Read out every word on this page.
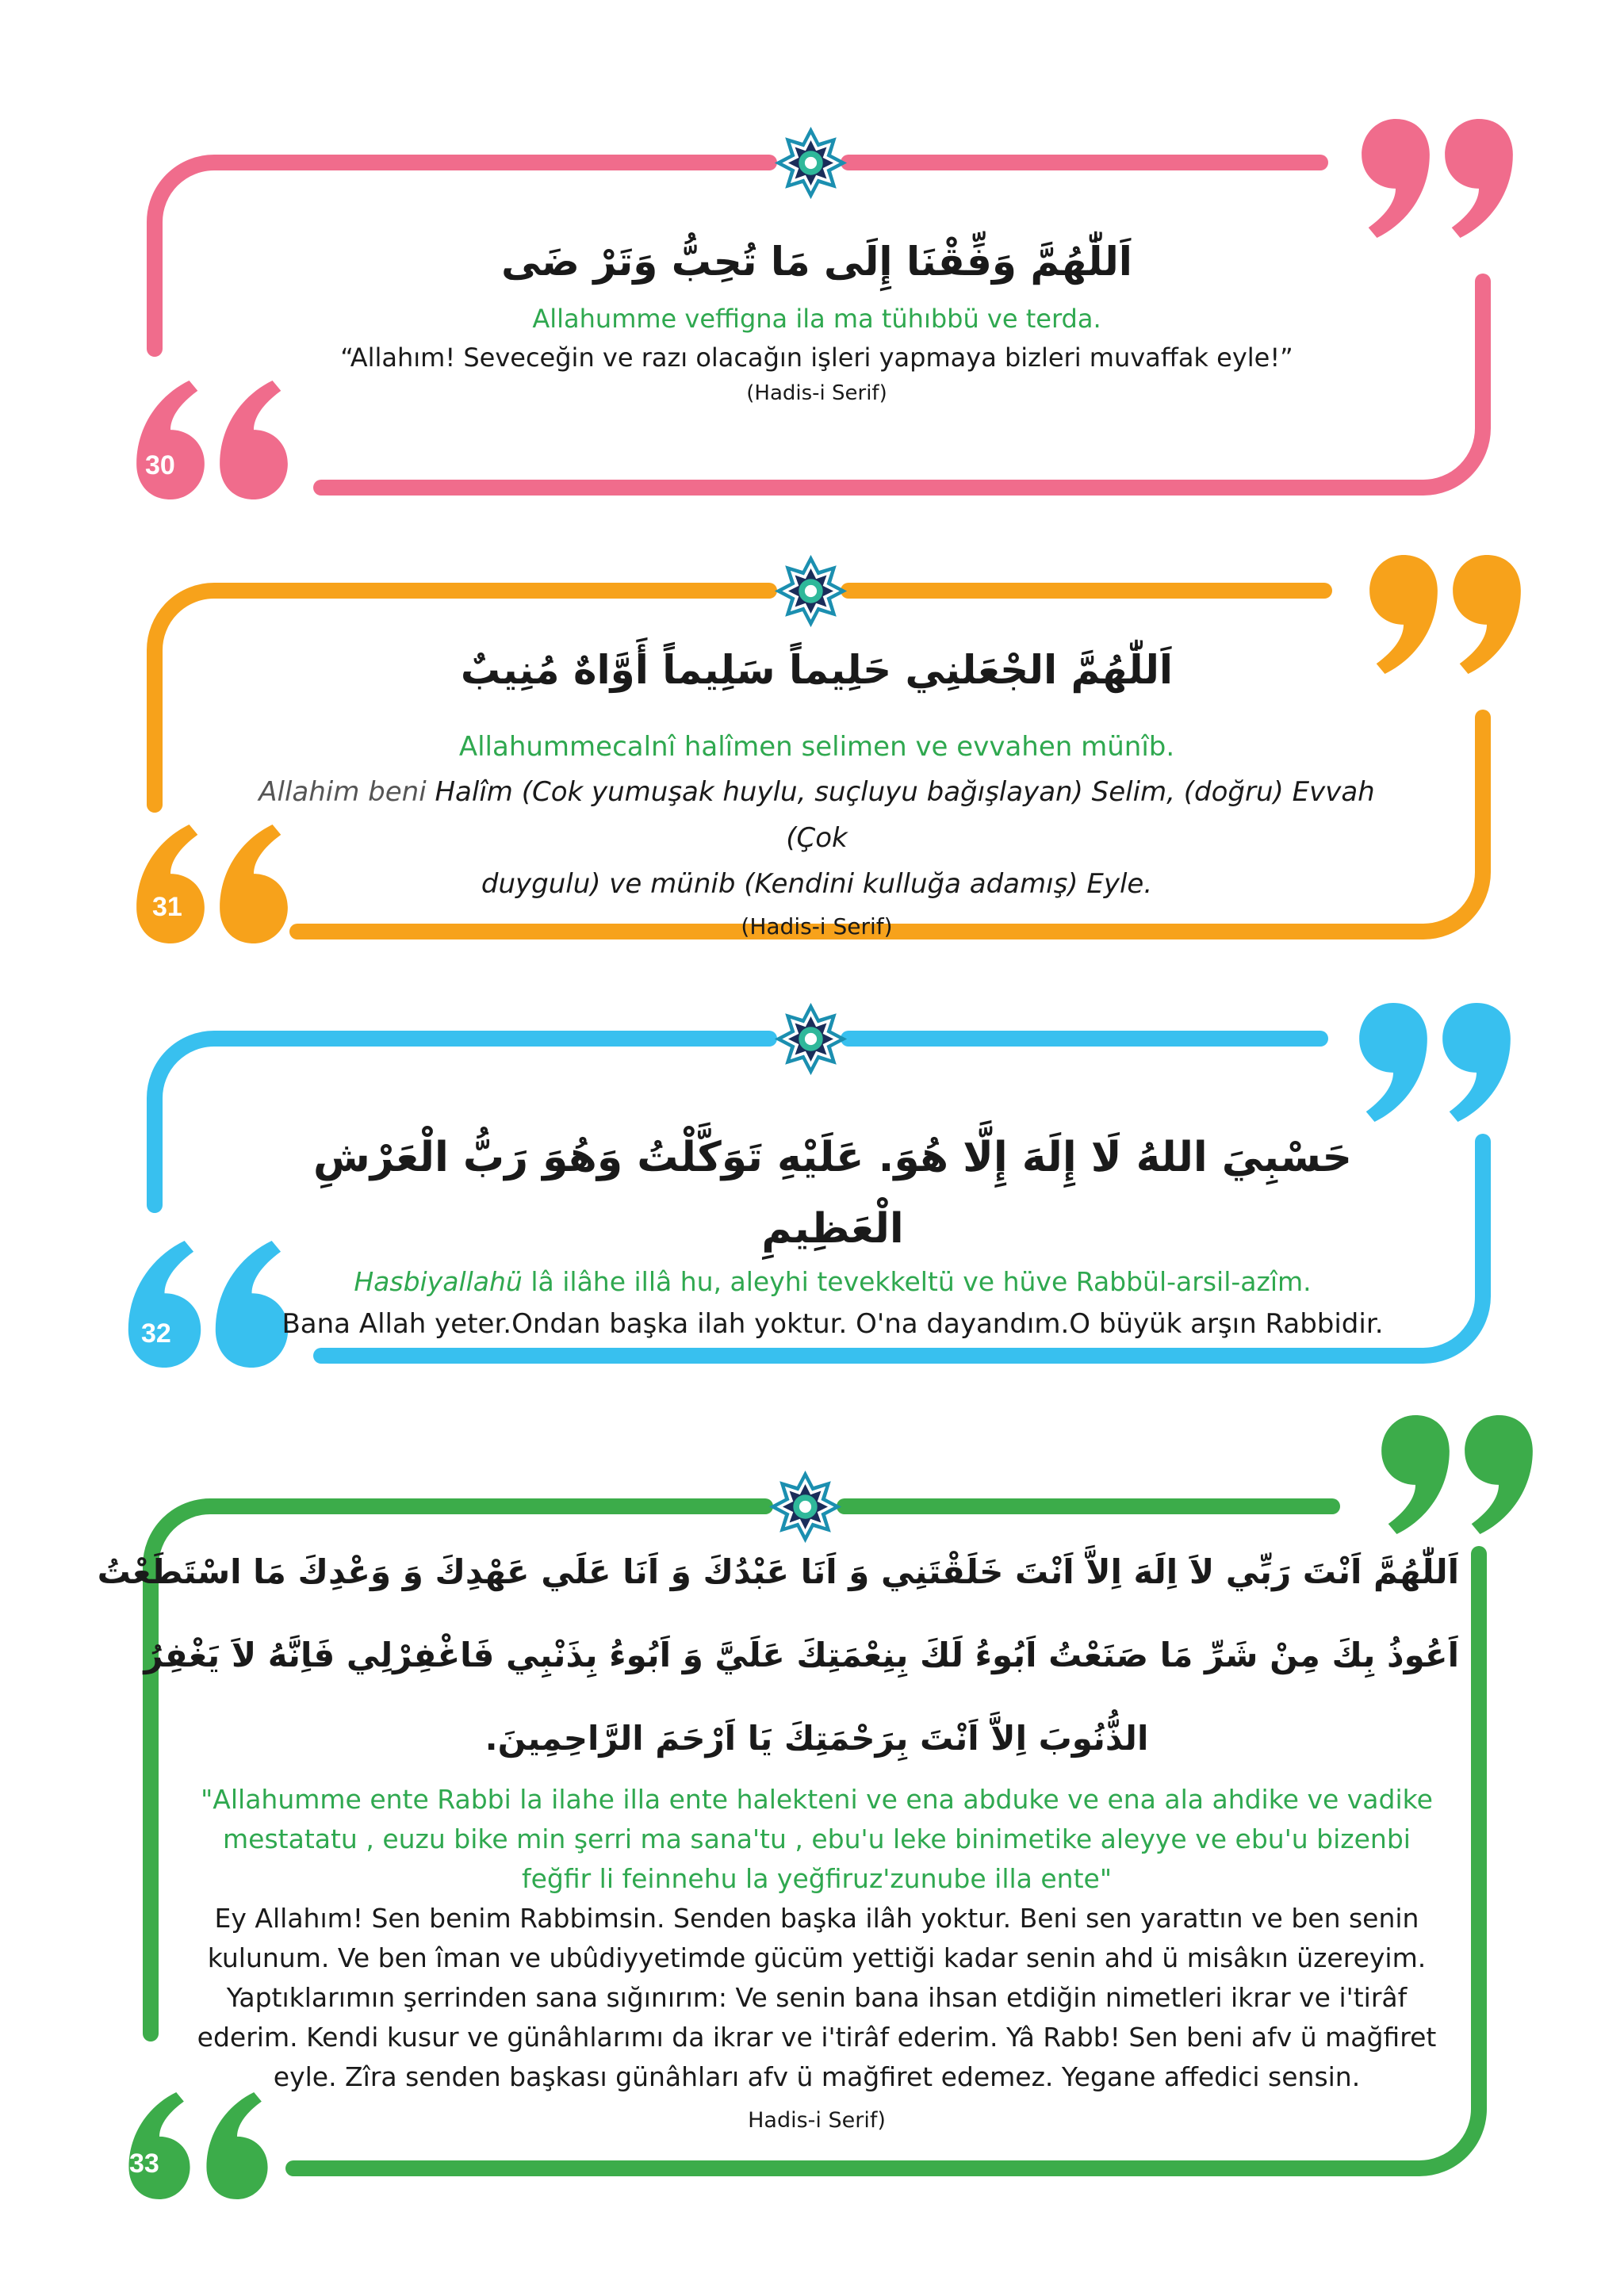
30
اَللّٰهُمَّ وَفِّقْنَا إِلَى مَا تُحِبُّ وَتَرْ ضَى
Allahumme veffigna ila ma tühıbbü ve terda.
“Allahım! Seveceğin ve razı olacağın işleri yapmaya bizleri muvaffak eyle!”
(Hadis-i Serif)
31
اَللّٰهُمَّ الجْعَلنِي حَلِيماً سَلِيماً أَوَّاهٌ مُنِيبٌ
Allahummecalnî halîmen selimen ve evvahen münîb.
Allahim beni Halîm (Cok yumuşak huylu, suçluyu bağışlayan) Selim, (doğru) Evvah (Çok
duygulu) ve münib (Kendini kulluğa adamış) Eyle.
(Hadis-i Serif)
32
حَسْبِيَ اللهُ لَا إِلَهَ إِلَّا هُوَ. عَلَيْهِ تَوَكَّلْتُ وَهُوَ رَبُّ الْعَرْشِ الْعَظِيمِ
Hasbiyallahü lâ ilâhe illâ hu, aleyhi tevekkeltü ve hüve Rabbül-arsil-azîm.
Bana Allah yeter.Ondan başka ilah yoktur. O'na dayandım.O büyük arşın Rabbidir.
33
اَللّٰهُمَّ اَنْتَ رَبِّي لاَ اِلَهَ اِلاَّ اَنْتَ خَلَقْتَنِي وَ اَنَا عَبْدُكَ وَ اَنَا عَلَي عَهْدِكَ وَ وَعْدِكَ مَا اسْتَطَعْتُ
اَعُوذُ بِكَ مِنْ شَرِّ مَا صَنَعْتُ اَبُوءُ لَكَ بِنِعْمَتِكَ عَلَيَّ وَ اَبُوءُ بِذَنْبِي فَاغْفِرْلِي فَاِنَّهُ لاَ يَغْفِرُ
الذُّنُوبَ اِلاَّ اَنْتَ بِرَحْمَتِكَ يَا اَرْحَمَ الرَّاحِمِينَ.
"Allahumme ente Rabbi la ilahe illa ente halekteni ve ena abduke ve ena ala ahdike ve vadike
mestatatu , euzu bike min şerri ma sana'tu , ebu'u leke binimetike aleyye ve ebu'u bizenbi
feğfir li feinnehu la yeğfiruz'zunube illa ente"
Ey Allahım! Sen benim Rabbimsin. Senden başka ilâh yoktur. Beni sen yarattın ve ben senin
kulunum. Ve ben îman ve ubûdiyyetimde gücüm yettiği kadar senin ahd ü misâkın üzereyim.
Yaptıklarımın şerrinden sana sığınırım: Ve senin bana ihsan etdiğin nimetleri ikrar ve i'tirâf
ederim. Kendi kusur ve günâhlarımı da ikrar ve i'tirâf ederim. Yâ Rabb! Sen beni afv ü mağfiret
eyle. Zîra senden başkası günâhları afv ü mağfiret edemez. Yegane affedici sensin.
Hadis-i Serif)
